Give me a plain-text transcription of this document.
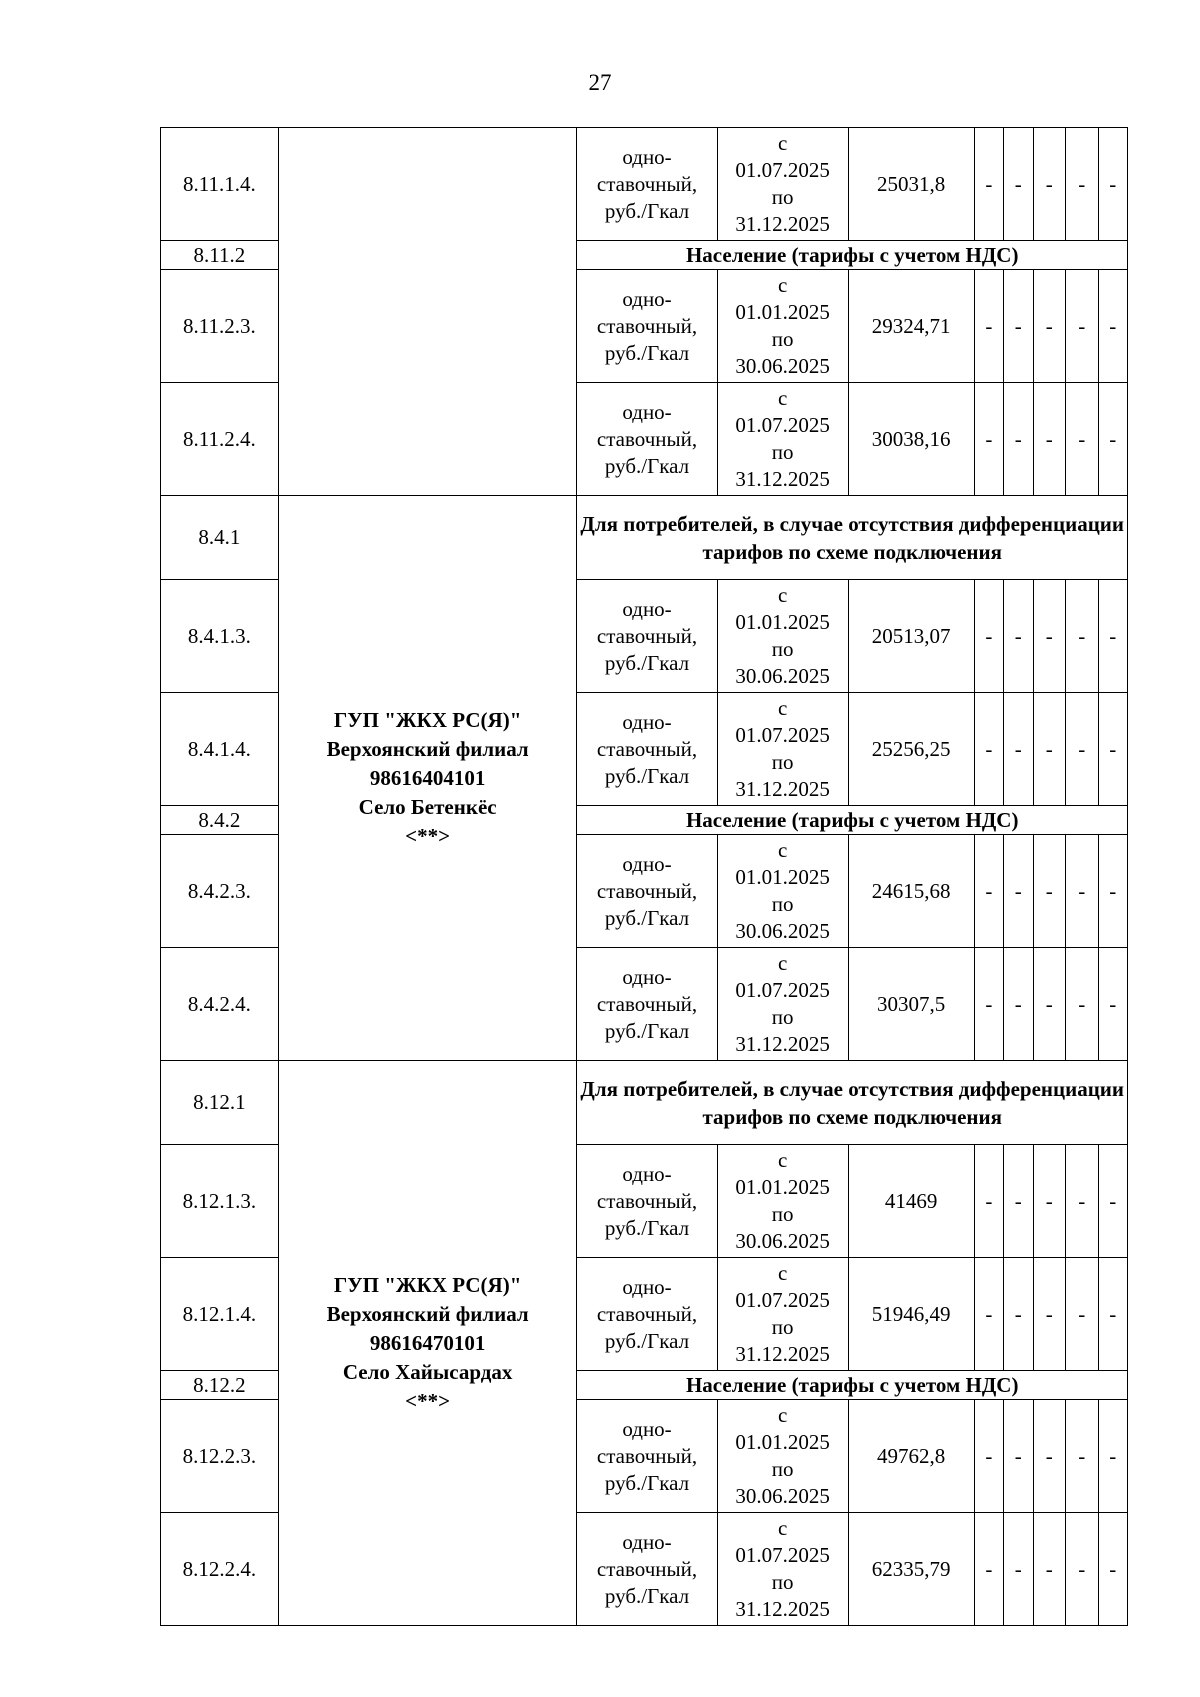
27
8.11.1.4.		одно-
ставочный,
руб./Гкал	с
01.07.2025
по
31.12.2025	25031,8	-	-	-	-	-
8.11.2		Население (тарифы с учетом НДС)							
8.11.2.3.		одно-
ставочный,
руб./Гкал	с
01.01.2025
по
30.06.2025	29324,71	-	-	-	-	-
8.11.2.4.		одно-
ставочный,
руб./Гкал	с
01.07.2025
по
31.12.2025	30038,16	-	-	-	-	-
8.4.1	ГУП "ЖКХ РС(Я)"
Верхоянский филиал
98616404101
Село Бетенкёс
<**>	Для потребителей, в случае отсутствия дифференциации тарифов по схеме подключения							
8.4.1.3.		одно-
ставочный,
руб./Гкал	с
01.01.2025
по
30.06.2025	20513,07	-	-	-	-	-
8.4.1.4.		одно-
ставочный,
руб./Гкал	с
01.07.2025
по
31.12.2025	25256,25	-	-	-	-	-
8.4.2		Население (тарифы с учетом НДС)							
8.4.2.3.		одно-
ставочный,
руб./Гкал	с
01.01.2025
по
30.06.2025	24615,68	-	-	-	-	-
8.4.2.4.		одно-
ставочный,
руб./Гкал	с
01.07.2025
по
31.12.2025	30307,5	-	-	-	-	-
8.12.1	ГУП "ЖКХ РС(Я)"
Верхоянский филиал
98616470101
Село Хайысардах
<**>	Для потребителей, в случае отсутствия дифференциации тарифов по схеме подключения							
8.12.1.3.		одно-
ставочный,
руб./Гкал	с
01.01.2025
по
30.06.2025	41469	-	-	-	-	-
8.12.1.4.		одно-
ставочный,
руб./Гкал	с
01.07.2025
по
31.12.2025	51946,49	-	-	-	-	-
8.12.2		Население (тарифы с учетом НДС)							
8.12.2.3.		одно-
ставочный,
руб./Гкал	с
01.01.2025
по
30.06.2025	49762,8	-	-	-	-	-
8.12.2.4.		одно-
ставочный,
руб./Гкал	с
01.07.2025
по
31.12.2025	62335,79	-	-	-	-	-
